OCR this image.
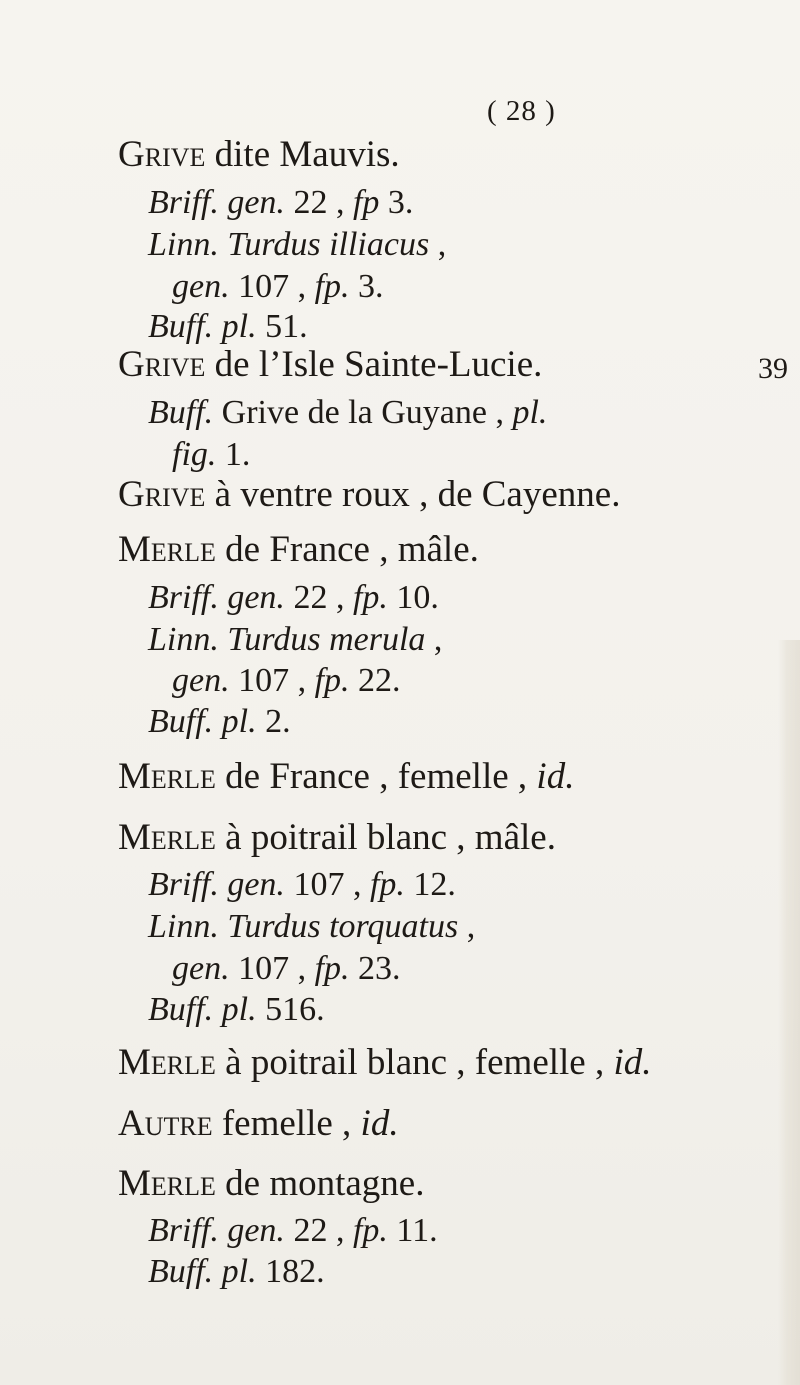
( 28 )
39
Grive dite Mauvis.
Briff. gen. 22 , fp 3.
Linn. Turdus illiacus ,
gen. 107 , fp. 3.
Buff. pl. 51.
Grive de l’Isle Sainte-Lucie.
Buff. Grive de la Guyane , pl.
fig. 1.
Grive à ventre roux , de Cayenne.
Merle de France , mâle.
Briff. gen. 22 , fp. 10.
Linn. Turdus merula ,
gen. 107 , fp. 22.
Buff. pl. 2.
Merle de France , femelle , id.
Merle à poitrail blanc , mâle.
Briff. gen. 107 , fp. 12.
Linn. Turdus torquatus ,
gen. 107 , fp. 23.
Buff. pl. 516.
Merle à poitrail blanc , femelle , id.
Autre femelle , id.
Merle de montagne.
Briff. gen. 22 , fp. 11.
Buff. pl. 182.
